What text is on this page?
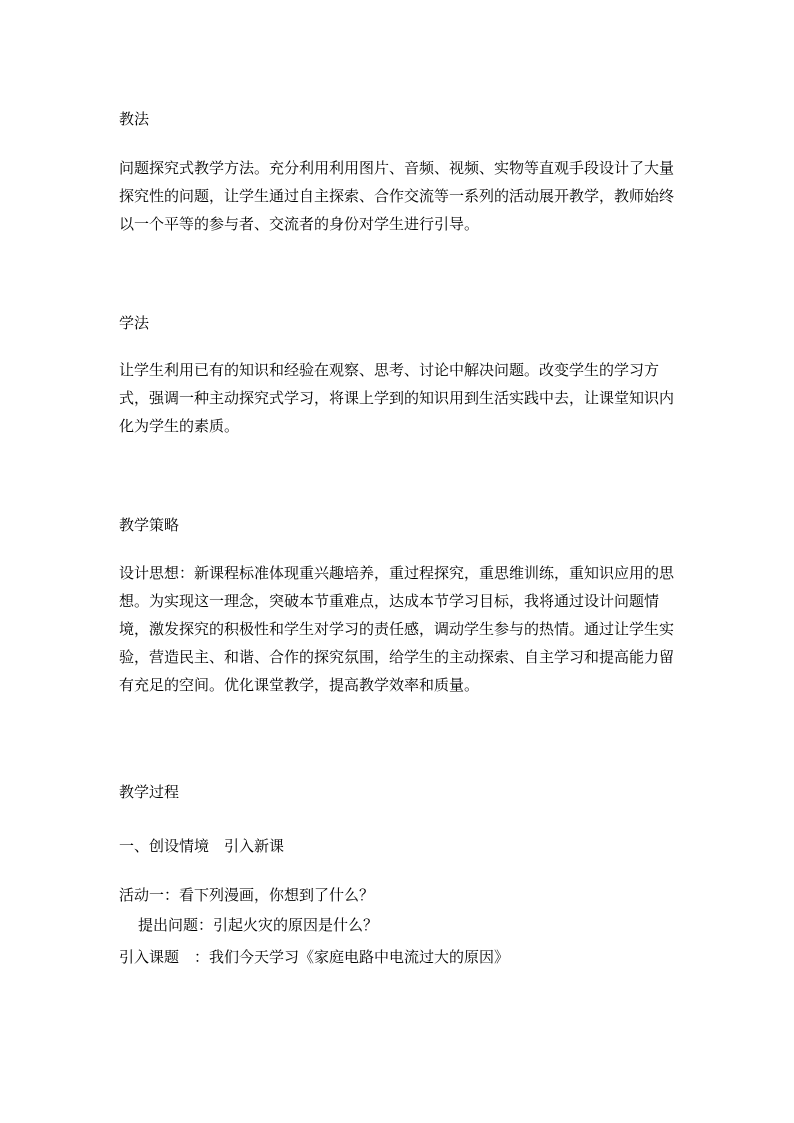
教法
问题探究式教学方法。充分利用利用图片、音频、视频、实物等直观手段设计了大量探究性的问题，让学生通过自主探索、合作交流等一系列的活动展开教学，教师始终以一个平等的参与者、交流者的身份对学生进行引导。
学法
让学生利用已有的知识和经验在观察、思考、讨论中解决问题。改变学生的学习方式，强调一种主动探究式学习，将课上学到的知识用到生活实践中去，让课堂知识内化为学生的素质。
教学策略
设计思想：新课程标准体现重兴趣培养，重过程探究，重思维训练，重知识应用的思想。为实现这一理念，突破本节重难点，达成本节学习目标，我将通过设计问题情境，激发探究的积极性和学生对学习的责任感，调动学生参与的热情。通过让学生实验，营造民主、和谐、合作的探究氛围，给学生的主动探索、自主学习和提高能力留有充足的空间。优化课堂教学，提高教学效率和质量。
教学过程
一、创设情境　引入新课
活动一：看下列漫画，你想到了什么？
提出问题：引起火灾的原因是什么？
引入课题　：我们今天学习《家庭电路中电流过大的原因》
